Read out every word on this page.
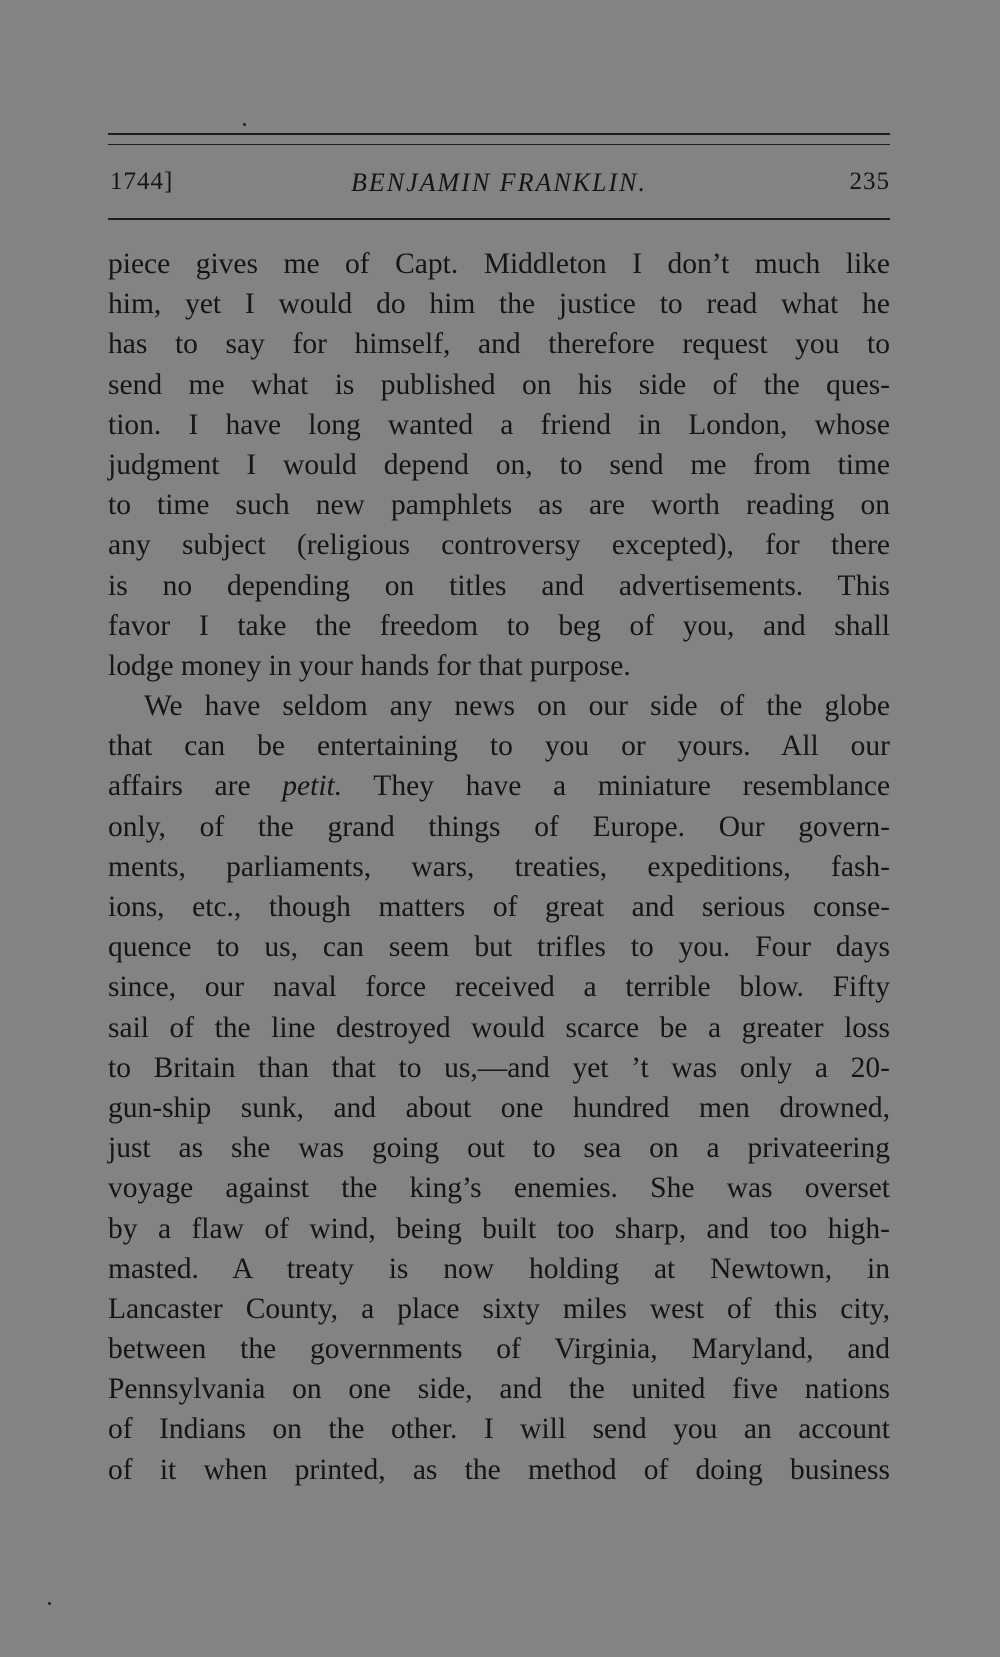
1744]	BENJAMIN FRANKLIN.	235
piece gives me of Capt. Middleton I don’t much like
him, yet I would do him the justice to read what he
has to say for himself, and therefore request you to
send me what is published on his side of the ques-
tion. I have long wanted a friend in London, whose
judgment I would depend on, to send me from time
to time such new pamphlets as are worth reading on
any subject (religious controversy excepted), for there
is no depending on titles and advertisements. This
favor I take the freedom to beg of you, and shall
lodge money in your hands for that purpose.
We have seldom any news on our side of the globe
that can be entertaining to you or yours. All our
affairs are petit. They have a miniature resemblance
only, of the grand things of Europe. Our govern-
ments, parliaments, wars, treaties, expeditions, fash-
ions, etc., though matters of great and serious conse-
quence to us, can seem but trifles to you. Four days
since, our naval force received a terrible blow. Fifty
sail of the line destroyed would scarce be a greater loss
to Britain than that to us,—and yet ’t was only a 20-
gun-ship sunk, and about one hundred men drowned,
just as she was going out to sea on a privateering
voyage against the king’s enemies. She was overset
by a flaw of wind, being built too sharp, and too high-
masted. A treaty is now holding at Newtown, in
Lancaster County, a place sixty miles west of this city,
between the governments of Virginia, Maryland, and
Pennsylvania on one side, and the united five nations
of Indians on the other. I will send you an account
of it when printed, as the method of doing business
